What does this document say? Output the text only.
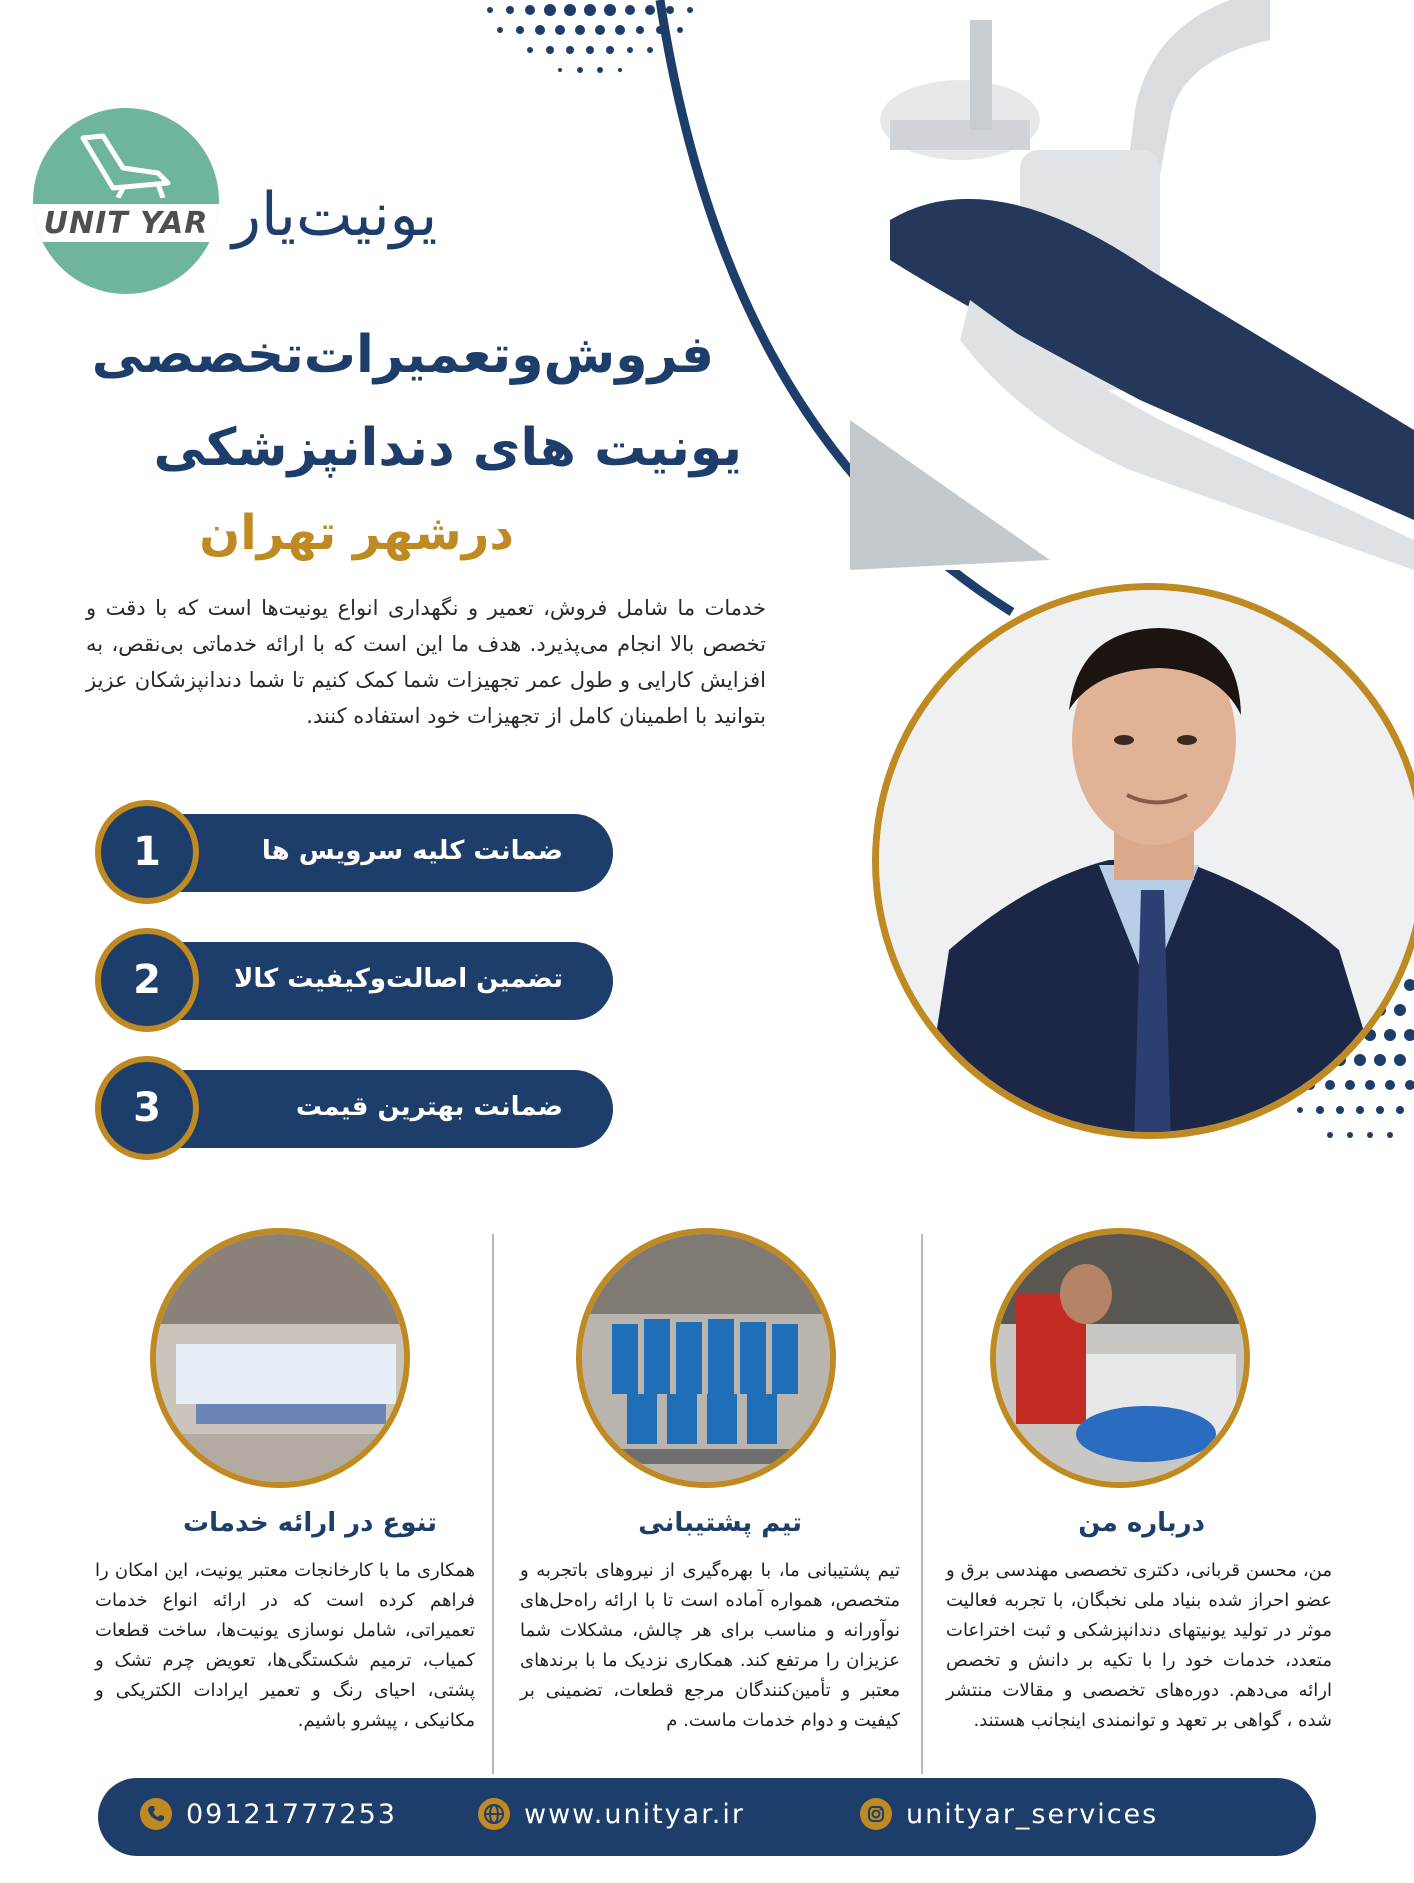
UNIT YAR یونیت‌یار
فروش‌وتعمیرات‌تخصصی
یونیت های دندانپزشکی
درشهر تهران
خدمات ما شامل فروش، تعمیر و نگهداری انواع یونیت‌ها است که با دقت و تخصص بالا انجام می‌پذیرد. هدف ما این است که با ارائه خدماتی بی‌نقص، به افزایش کارایی و طول عمر تجهیزات شما کمک کنیم تا شما دندانپزشکان عزیز بتوانید با اطمینان کامل از تجهیزات خود استفاده کنند.
1	ضمانت کلیه سرویس ها
2	تضمین اصالت‌وکیفیت کالا
3	ضمانت بهترین قیمت
تنوع در ارائه خدمات
همکاری ما با کارخانجات معتبر یونیت، این امکان را فراهم کرده است که در ارائه انواع خدمات تعمیراتی، شامل نوسازی یونیت‌ها، ساخت قطعات کمیاب، ترمیم شکستگی‌ها، تعویض چرم تشک و پشتی، احیای رنگ و تعمیر ایرادات الکتریکی و مکانیکی ، پیشرو باشیم.
تیم پشتیبانی
تیم پشتیبانی ما، با بهره‌گیری از نیروهای باتجربه و متخصص، همواره آماده است تا با ارائه راه‌حل‌های نوآورانه و مناسب برای هر چالش، مشکلات شما عزیزان را مرتفع کند. همکاری نزدیک ما با برندهای معتبر و تأمین‌کنندگان مرجع قطعات، تضمینی بر کیفیت و دوام خدمات ماست. م
درباره من
من، محسن قربانی، دکتری تخصصی مهندسی برق و عضو احراز شده بنیاد ملی نخبگان، با تجربه فعالیت موثر در تولید یونیتهای دندانپزشکی و ثبت اختراعات متعدد، خدمات خود را با تکیه بر دانش و تخصص ارائه می‌دهم. دوره‌های تخصصی و مقالات منتشر شده ، گواهی بر تعهد و توانمندی اینجانب هستند.
09121777253	www.unityar.ir	unityar_services
